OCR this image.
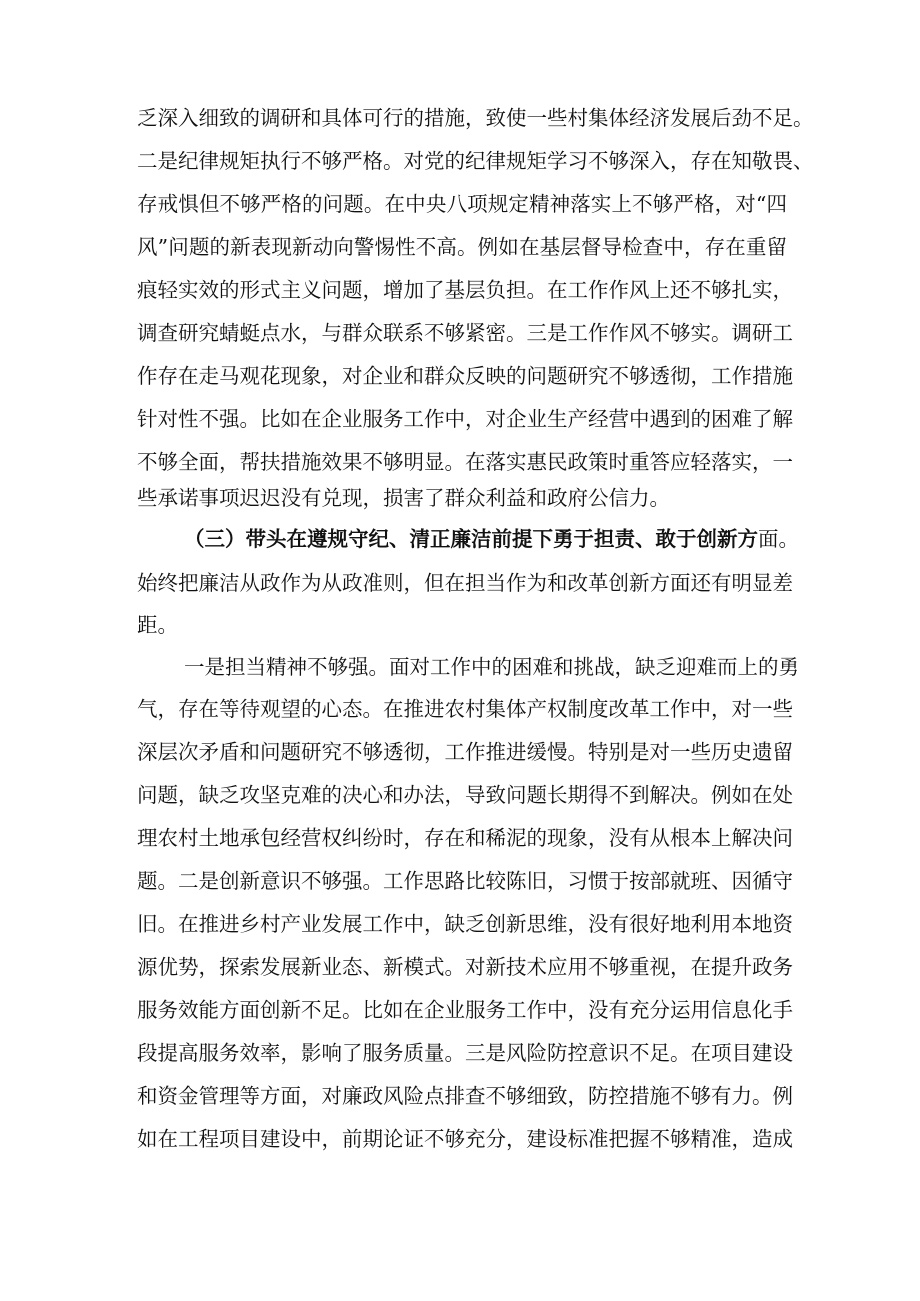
乏深入细致的调研和具体可行的措施，致使一些村集体经济发展后劲不足。

二是纪律规矩执行不够严格。对党的纪律规矩学习不够深入，存在知敬畏、

存戒惧但不够严格的问题。在中央八项规定精神落实上不够严格，对“四

风”问题的新表现新动向警惕性不高。例如在基层督导检查中，存在重留

痕轻实效的形式主义问题，增加了基层负担。在工作作风上还不够扎实，

调查研究蜻蜓点水，与群众联系不够紧密。三是工作作风不够实。调研工

作存在走马观花现象，对企业和群众反映的问题研究不够透彻，工作措施

针对性不强。比如在企业服务工作中，对企业生产经营中遇到的困难了解

不够全面，帮扶措施效果不够明显。在落实惠民政策时重答应轻落实，一

些承诺事项迟迟没有兑现，损害了群众利益和政府公信力。

（三）带头在遵规守纪、清正廉洁前提下勇于担责、敢于创新方面。

始终把廉洁从政作为从政准则，但在担当作为和改革创新方面还有明显差

距。

一是担当精神不够强。面对工作中的困难和挑战，缺乏迎难而上的勇

气，存在等待观望的心态。在推进农村集体产权制度改革工作中，对一些

深层次矛盾和问题研究不够透彻，工作推进缓慢。特别是对一些历史遗留

问题，缺乏攻坚克难的决心和办法，导致问题长期得不到解决。例如在处

理农村土地承包经营权纠纷时，存在和稀泥的现象，没有从根本上解决问

题。二是创新意识不够强。工作思路比较陈旧，习惯于按部就班、因循守

旧。在推进乡村产业发展工作中，缺乏创新思维，没有很好地利用本地资

源优势，探索发展新业态、新模式。对新技术应用不够重视，在提升政务

服务效能方面创新不足。比如在企业服务工作中，没有充分运用信息化手

段提高服务效率，影响了服务质量。三是风险防控意识不足。在项目建设

和资金管理等方面，对廉政风险点排查不够细致，防控措施不够有力。例

如在工程项目建设中，前期论证不够充分，建设标准把握不够精准，造成
